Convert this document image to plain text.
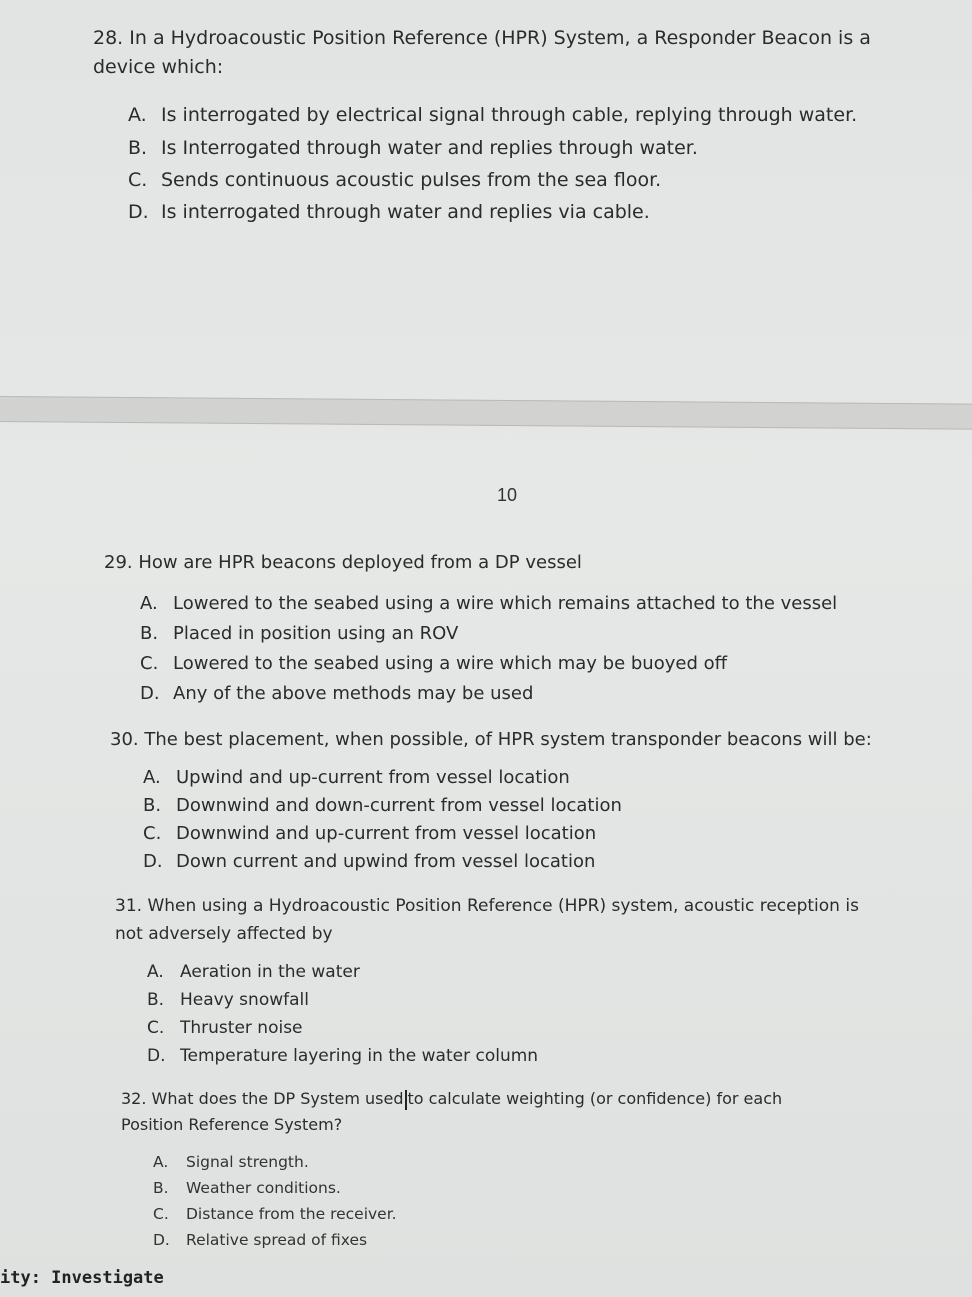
28. In a Hydroacoustic Position Reference (HPR) System, a Responder Beacon is a

device which:

A. Is interrogated by electrical signal through cable, replying through water.
B. Is Interrogated through water and replies through water.
C. Sends continuous acoustic pulses from the sea floor.
D. Is interrogated through water and replies via cable.
10

29. How are HPR beacons deployed from a DP vessel

A. Lowered to the seabed using a wire which remains attached to the vessel
B. Placed in position using an ROV
C. Lowered to the seabed using a wire which may be buoyed off
D. Any of the above methods may be used

30. The best placement, when possible, of HPR system transponder beacons will be:

A. Upwind and up-current from vessel location
B. Downwind and down-current from vessel location
C. Downwind and up-current from vessel location
D. Down current and upwind from vessel location

31. When using a Hydroacoustic Position Reference (HPR) system, acoustic reception is

not adversely affected by

A. Aeration in the water
B. Heavy snowfall
C. Thruster noise
D. Temperature layering in the water column

32. What does the DP System used to calculate weighting (or confidence) for each

Position Reference System?

A. Signal strength.
B. Weather conditions.
C. Distance from the receiver.
D. Relative spread of fixes
ity: Investigate
